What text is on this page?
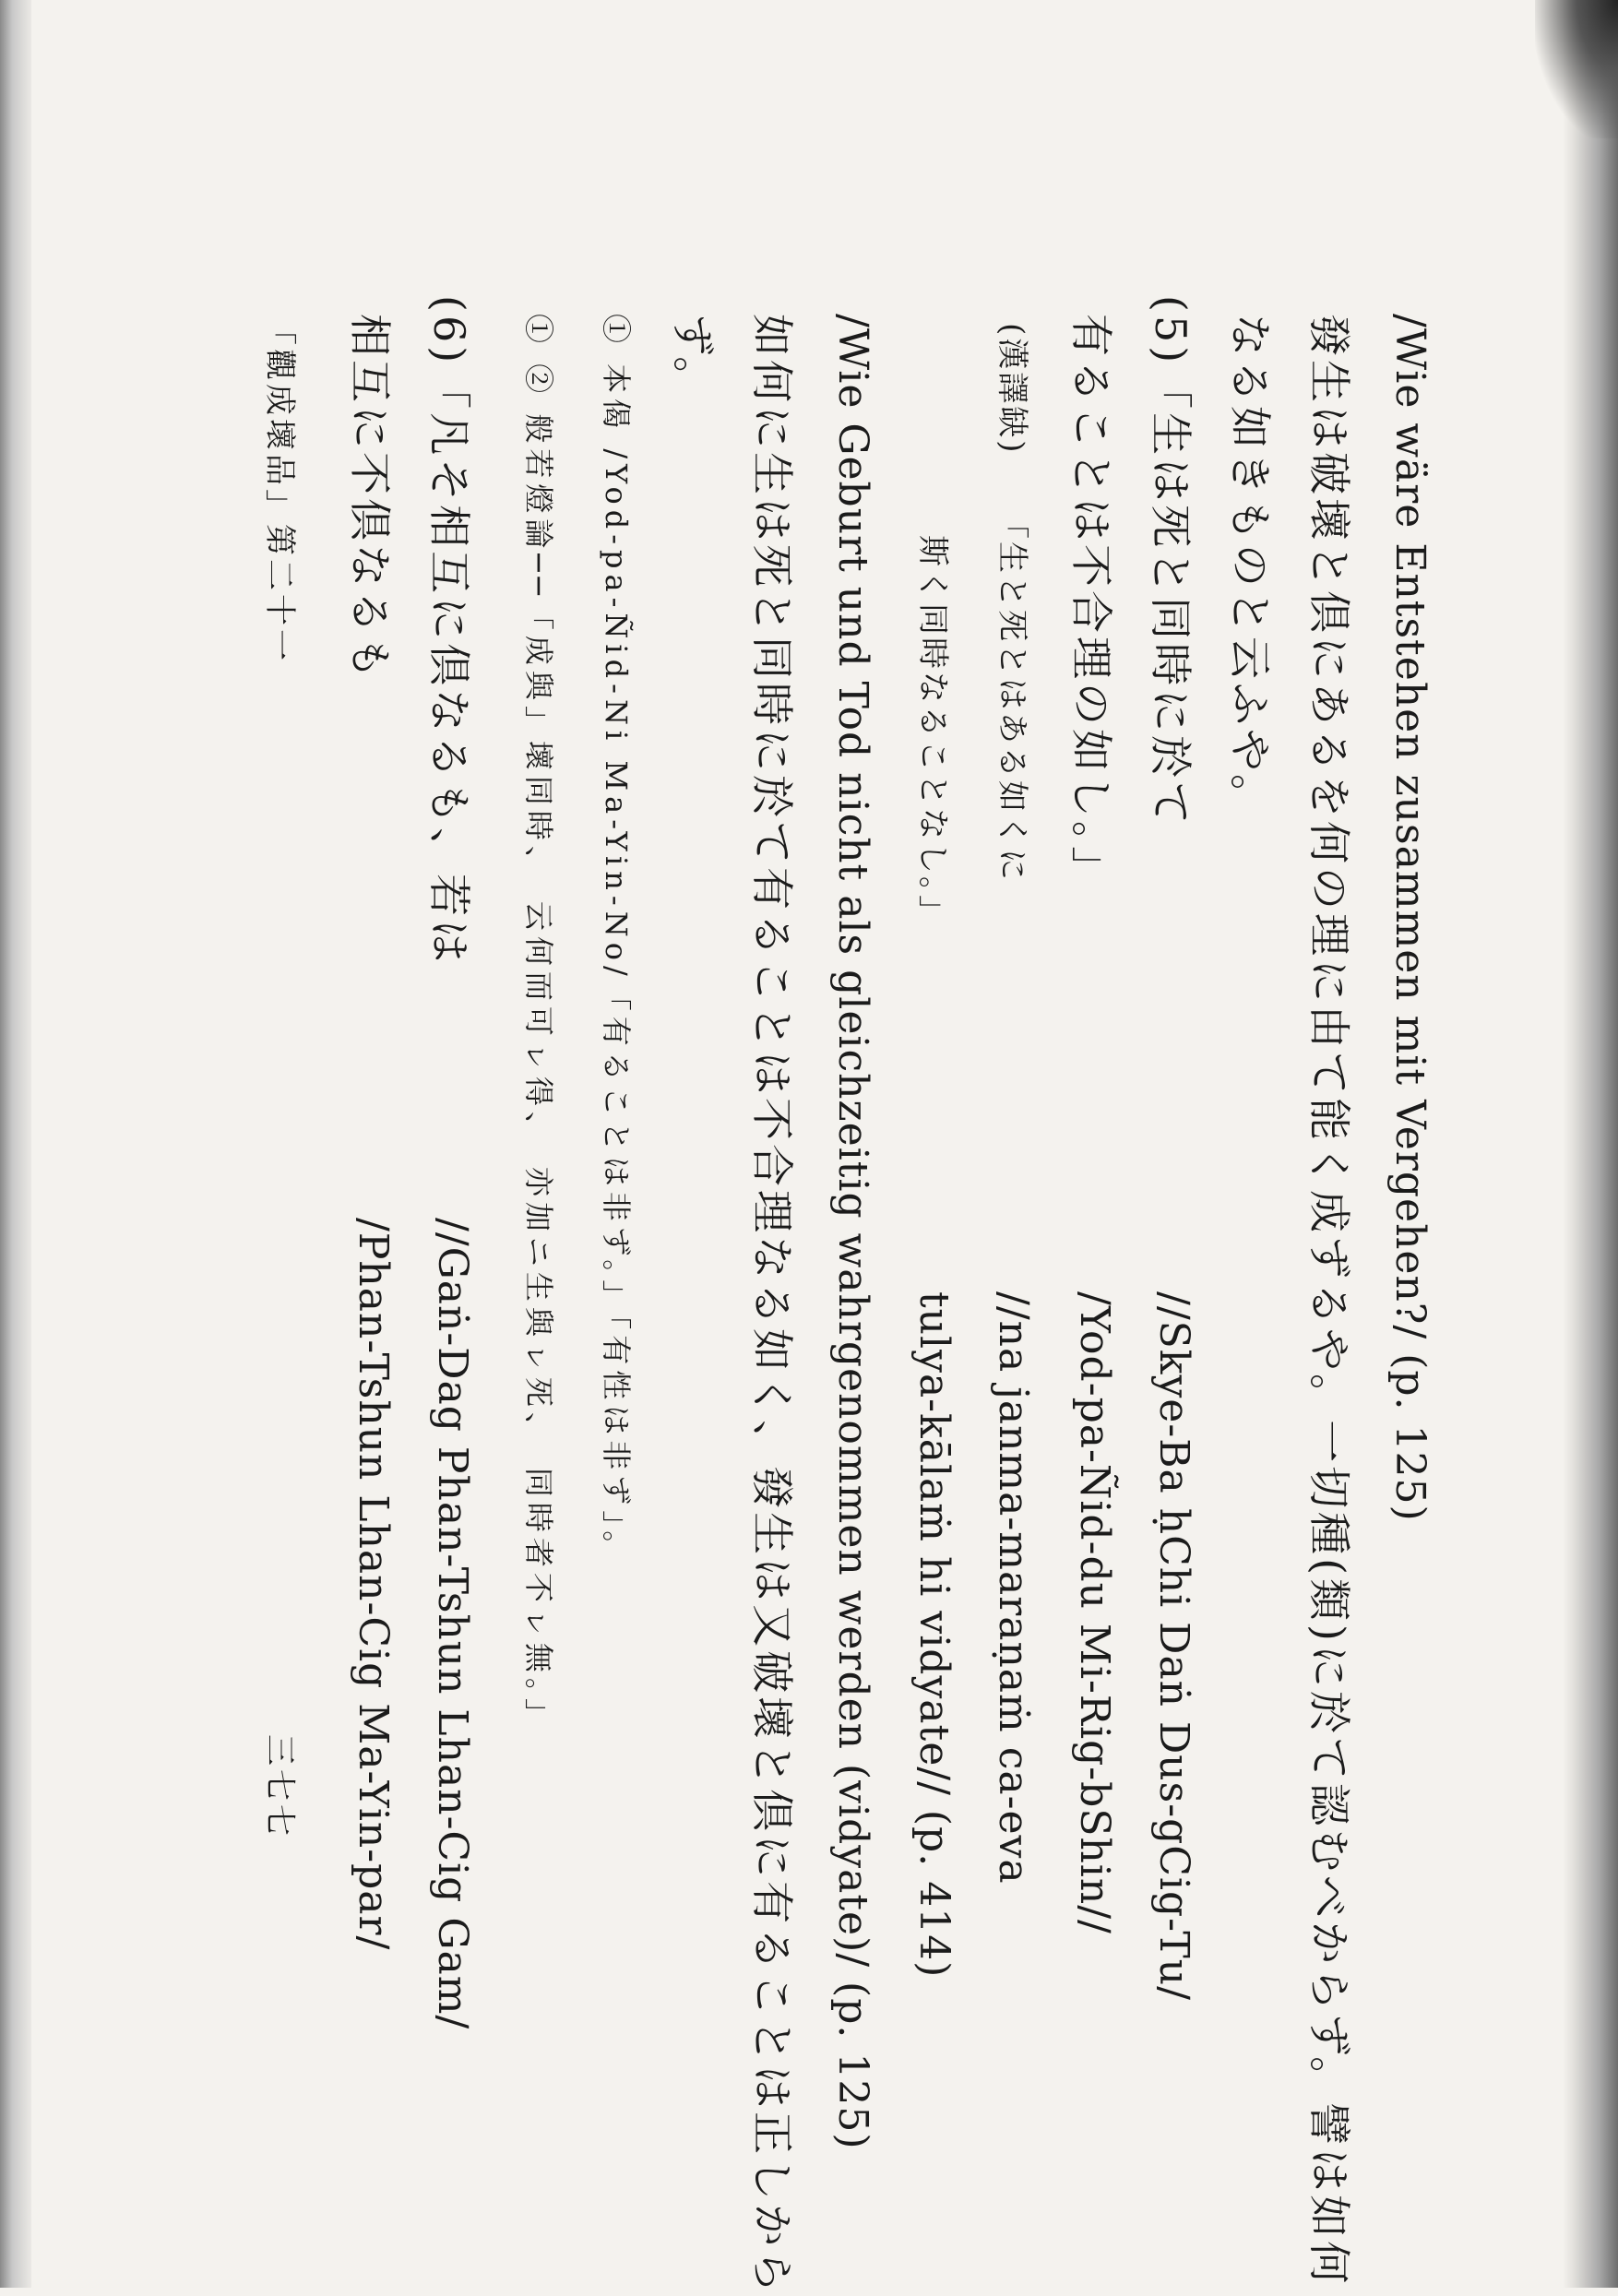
/Wie wäre Entstehen zusammen mit Vergehen?/ (p. 125)
發生は破壞と倶にあるを何の理に由て能く成ずるや。一切種(類)に於て認むべからず。譬は如何
なる如きものと云ふや。
(5)「生は死と同時に於て
//Skye-Ba ḥChi Daṅ Dus-gCig-Tu/
有ることは不合理の如し。」
/Yod-pa-Ñid-du Mi-Rig-bShin//
(漢譯缺)
「生と死とはある如くに
//na janma-maraṇaṁ ca-eva
斯く同時なることなし。」
tulya-kālaṁ hi vidyate// (p. 414)
/Wie Geburt und Tod nicht als gleichzeitig wahrgenommen werden (vidyate)/ (p. 125)
如何に生は死と同時に於て有ることは不合理なる如く、發生は又破壞と倶に有ることは正しから
ず。
① 本偈 /Yod-pa-Ñid-Ni Ma-Yin-No/「有ることは非ず。」「有性は非ず」。
① ② 般若燈論──「成與」壞同時、　云何而可ㇾ得、　亦加ニ生與ㇾ死、　同時者不ㇾ無。」
(6)「凡そ相互に倶なるも、若は
//Gaṅ-Dag Phan-Tshun Lhan-Cig Gam/
相互に不倶なるも
/Phan-Tshun Lhan-Cig Ma-Yin-par/
「觀成壞品」第二十一
三七七
